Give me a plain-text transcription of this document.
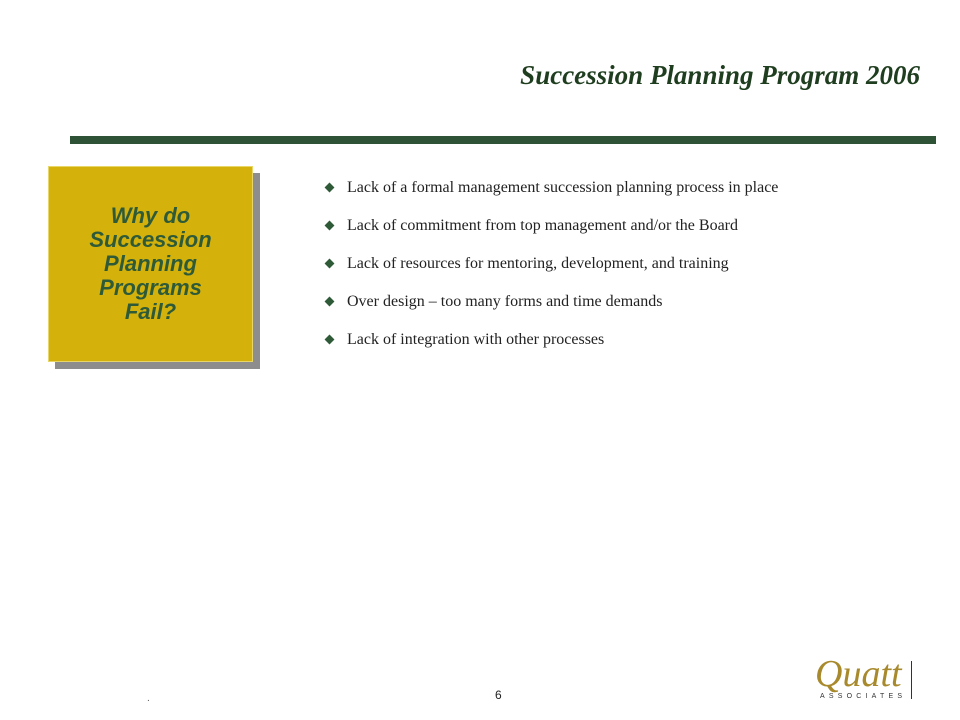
Succession Planning Program 2006
Why do
Succession
Planning
Programs
Fail?
Lack of a formal management succession planning process in place
Lack of commitment from top management and/or the Board
Lack of resources for mentoring, development, and training
Over design – too many forms and time demands
Lack of integration with other processes
.	6	Quatt
ASSOCIATES
